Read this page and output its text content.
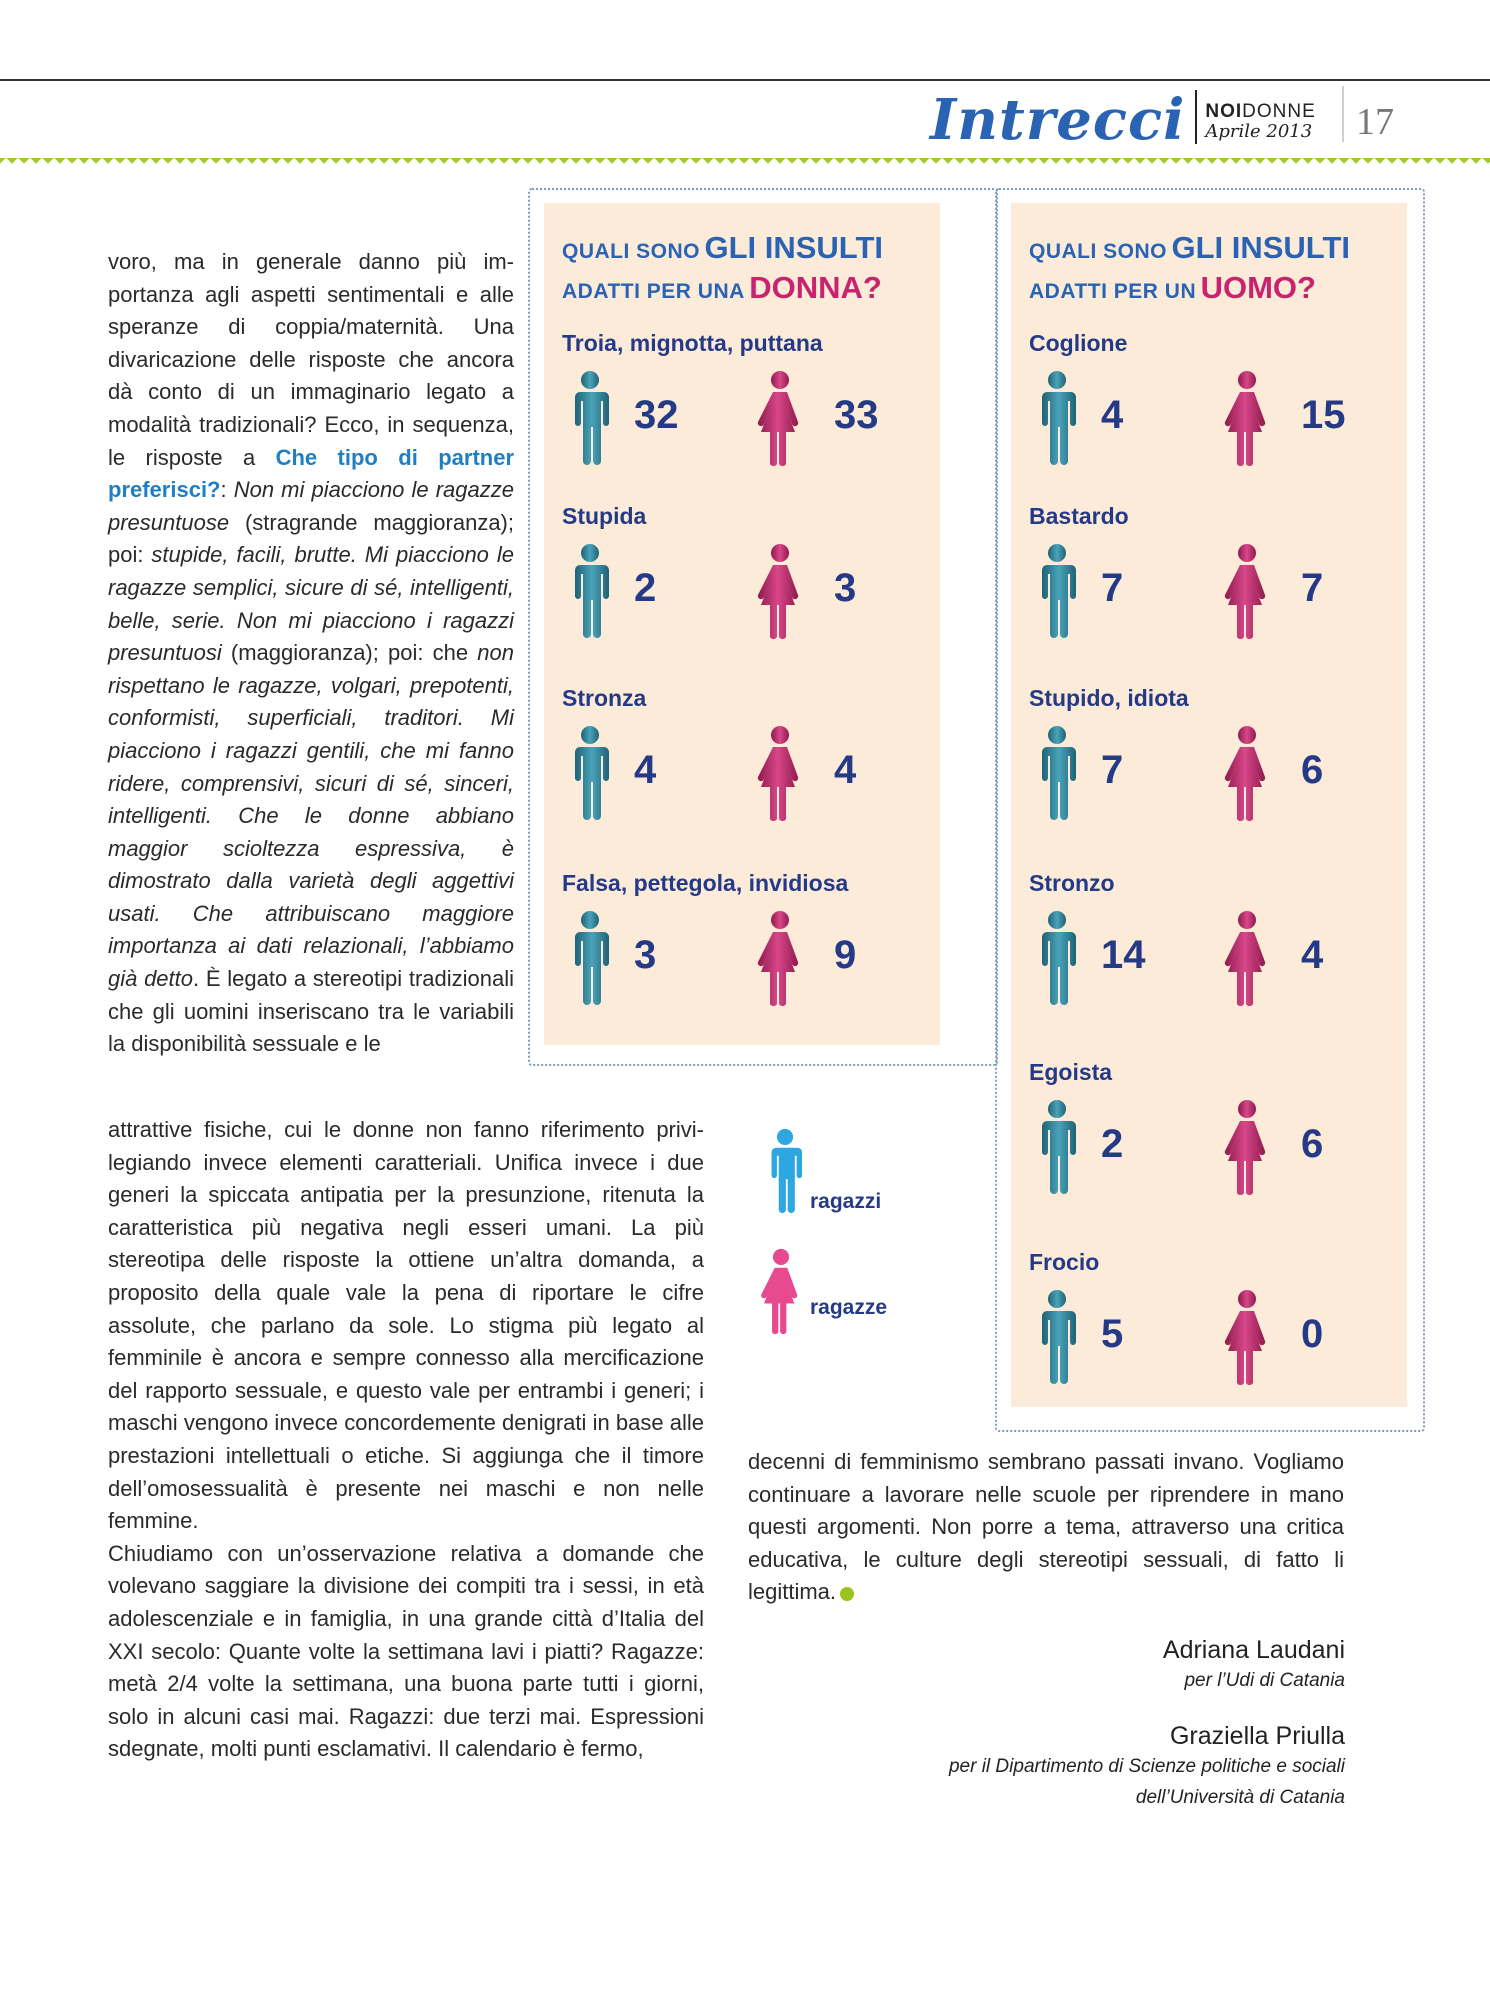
Intrecci NOIDONNE
Aprile 2013 17

voro, ma in generale danno più importanza agli aspetti sentimentali e alle speranze di coppia/maternità. Una divaricazione delle risposte che ancora dà conto di un immaginario legato a modalità tradizionali? Ecco, in sequenza, le risposte a Che tipo di partner preferisci?: Non mi piacciono le ragazze presuntuose (stragrande maggioranza); poi: stupide, facili, brutte. Mi piacciono le ragazze semplici, sicure di sé, intelligenti, belle, serie. Non mi piacciono i ragazzi presuntuosi (maggioranza); poi: che non rispettano le ragazze, volgari, prepotenti, conformisti, superficiali, traditori. Mi piacciono i ragazzi gentili, che mi fanno ridere, comprensivi, sicuri di sé, sinceri, intelligenti. Che le donne abbiano maggior scioltezza espressiva, è dimostrato dalla varietà degli aggettivi usati. Che attribuiscano maggiore importanza ai dati relazionali, l’abbiamo già detto. È legato a stereotipi tradizionali che gli uomini inseriscano tra le variabili la disponibilità sessuale e le

attrattive fisiche, cui le donne non fanno riferimento privilegiando invece elementi caratteriali. Unifica invece i due generi la spiccata antipatia per la presunzione, ritenuta la caratteristica più negativa negli esseri umani. La più stereotipa delle risposte la ottiene un’altra domanda, a proposito della quale vale la pena di riportare le cifre assolute, che parlano da sole. Lo stigma più legato al femminile è ancora e sempre connesso alla mercificazione del rapporto sessuale, e questo vale per entrambi i generi; i maschi vengono invece concordemente denigrati in base alle prestazioni intellettuali o etiche. Si aggiunga che il timore dell’omosessualità è presente nei maschi e non nelle femmine.

Chiudiamo con un’osservazione relativa a domande che volevano saggiare la divisione dei compiti tra i sessi, in età adolescenziale e in famiglia, in una grande città d’Italia del XXI secolo: Quante volte la settimana lavi i piatti? Ragazze: metà 2/4 volte la settimana, una buona parte tutti i giorni, solo in alcuni casi mai. Ragazzi: due terzi mai. Espressioni sdegnate, molti punti esclamativi. Il calendario è fermo,

decenni di femminismo sembrano passati invano. Vogliamo continuare a lavorare nelle scuole per riprendere in mano questi argomenti. Non porre a tema, attraverso una critica educativa, le culture degli stereotipi sessuali, di fatto li legittima.

Adriana Laudani
per l’Udi di Catania
Graziella Priulla
per il Dipartimento di Scienze politiche e sociali
dell’Università di Catania
QUALI SONO GLI INSULTI
ADATTI PER UNA DONNA?
Troia, mignotta, puttana
32	33
Stupida
2	3
Stronza
4	4
Falsa, pettegola, invidiosa
3	9
QUALI SONO GLI INSULTI
ADATTI PER UN UOMO?
Coglione
4	15
Bastardo
7	7
Stupido, idiota
7	6
Stronzo
14	4
Egoista
2	6
Frocio
5	0
ragazzi
ragazze
